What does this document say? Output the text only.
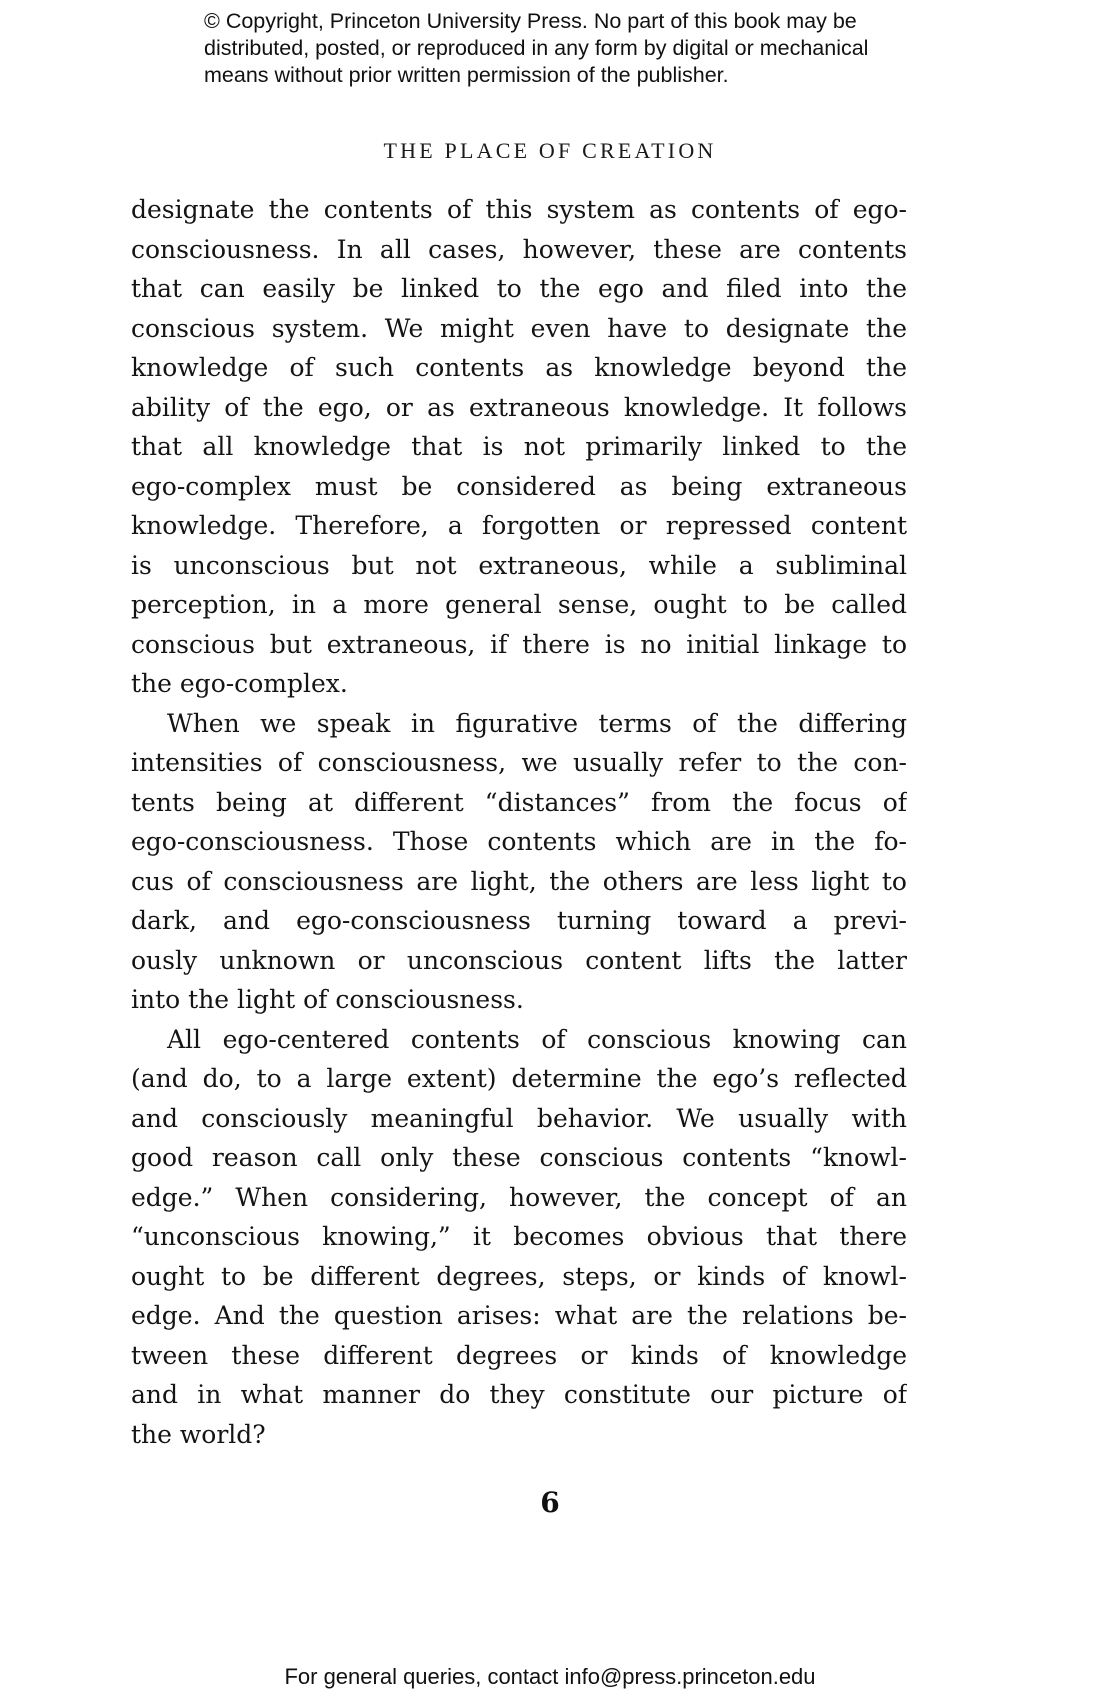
© Copyright, Princeton University Press. No part of this book may be
distributed, posted, or reproduced in any form by digital or mechanical
means without prior written permission of the publisher.
THE PLACE OF CREATION
designate the contents of this system as contents of ego-
consciousness. In all cases, however, these are contents
that can easily be linked to the ego and filed into the
conscious system. We might even have to designate the
knowledge of such contents as knowledge beyond the
ability of the ego, or as extraneous knowledge. It follows
that all knowledge that is not primarily linked to the
ego-complex must be considered as being extraneous
knowledge. Therefore, a forgotten or repressed content
is unconscious but not extraneous, while a subliminal
perception, in a more general sense, ought to be called
conscious but extraneous, if there is no initial linkage to
the ego-complex.
When we speak in figurative terms of the differing
intensities of consciousness, we usually refer to the con-
tents being at different “distances” from the focus of
ego-consciousness. Those contents which are in the fo-
cus of consciousness are light, the others are less light to
dark, and ego-consciousness turning toward a previ-
ously unknown or unconscious content lifts the latter
into the light of consciousness.
All ego-centered contents of conscious knowing can
(and do, to a large extent) determine the ego’s reflected
and consciously meaningful behavior. We usually with
good reason call only these conscious contents “knowl-
edge.” When considering, however, the concept of an
“unconscious knowing,” it becomes obvious that there
ought to be different degrees, steps, or kinds of knowl-
edge. And the question arises: what are the relations be-
tween these different degrees or kinds of knowledge
and in what manner do they constitute our picture of
the world?
6
For general queries, contact info@press.princeton.edu
